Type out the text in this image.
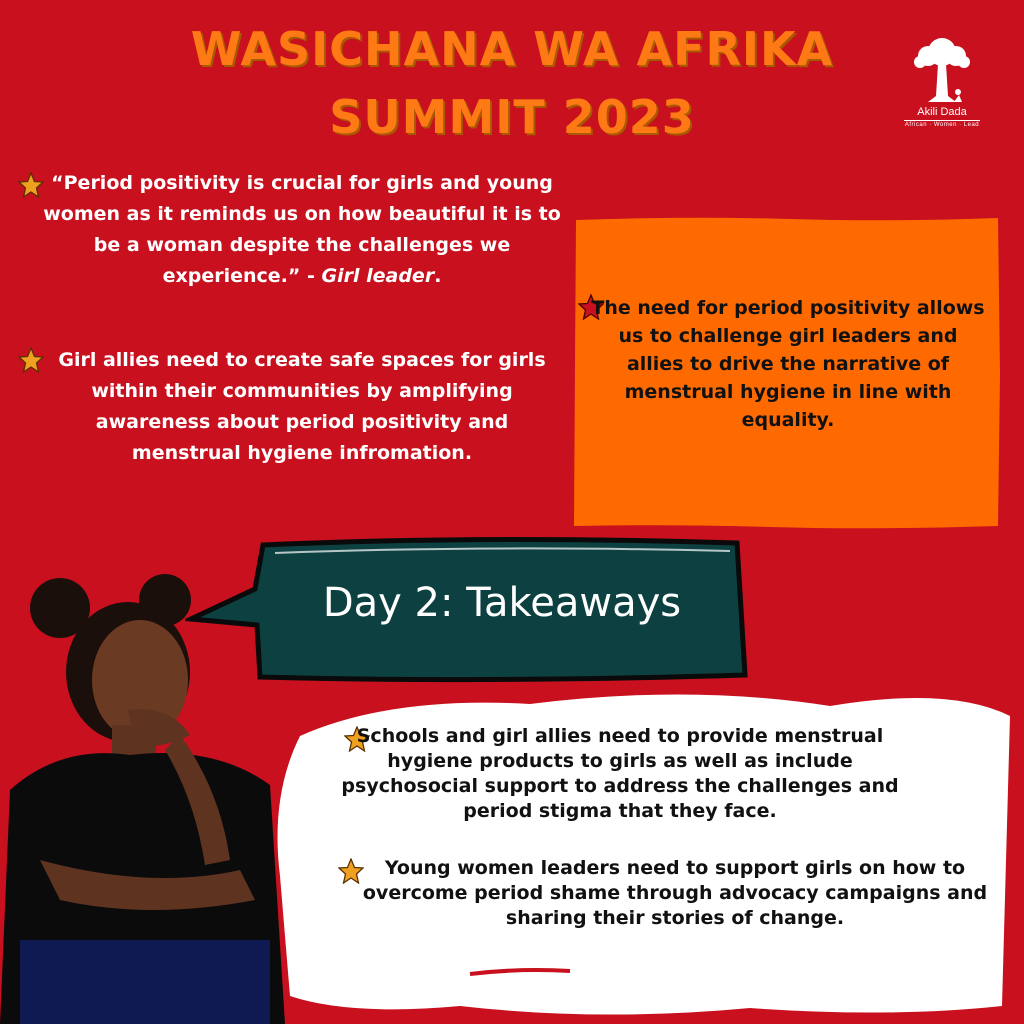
WASICHANA WA AFRIKA
SUMMIT 2023	Akili Dada
African · Women · Lead
“Period positivity is crucial for girls and young women as it reminds us on how beautiful it is to be a woman despite the challenges we experience.” - Girl leader.
Girl allies need to create safe spaces for girls within their communities by amplifying awareness about period positivity and menstrual hygiene infromation.
The need for period positivity allows us to challenge girl leaders and allies to drive the narrative of menstrual hygiene in line with equality.
Day 2: Takeaways
Schools and girl allies need to provide menstrual hygiene products to girls as well as include psychosocial support to address the challenges and period stigma that they face.
Young women leaders need to support girls on how to overcome period shame through advocacy campaigns and sharing their stories of change.
